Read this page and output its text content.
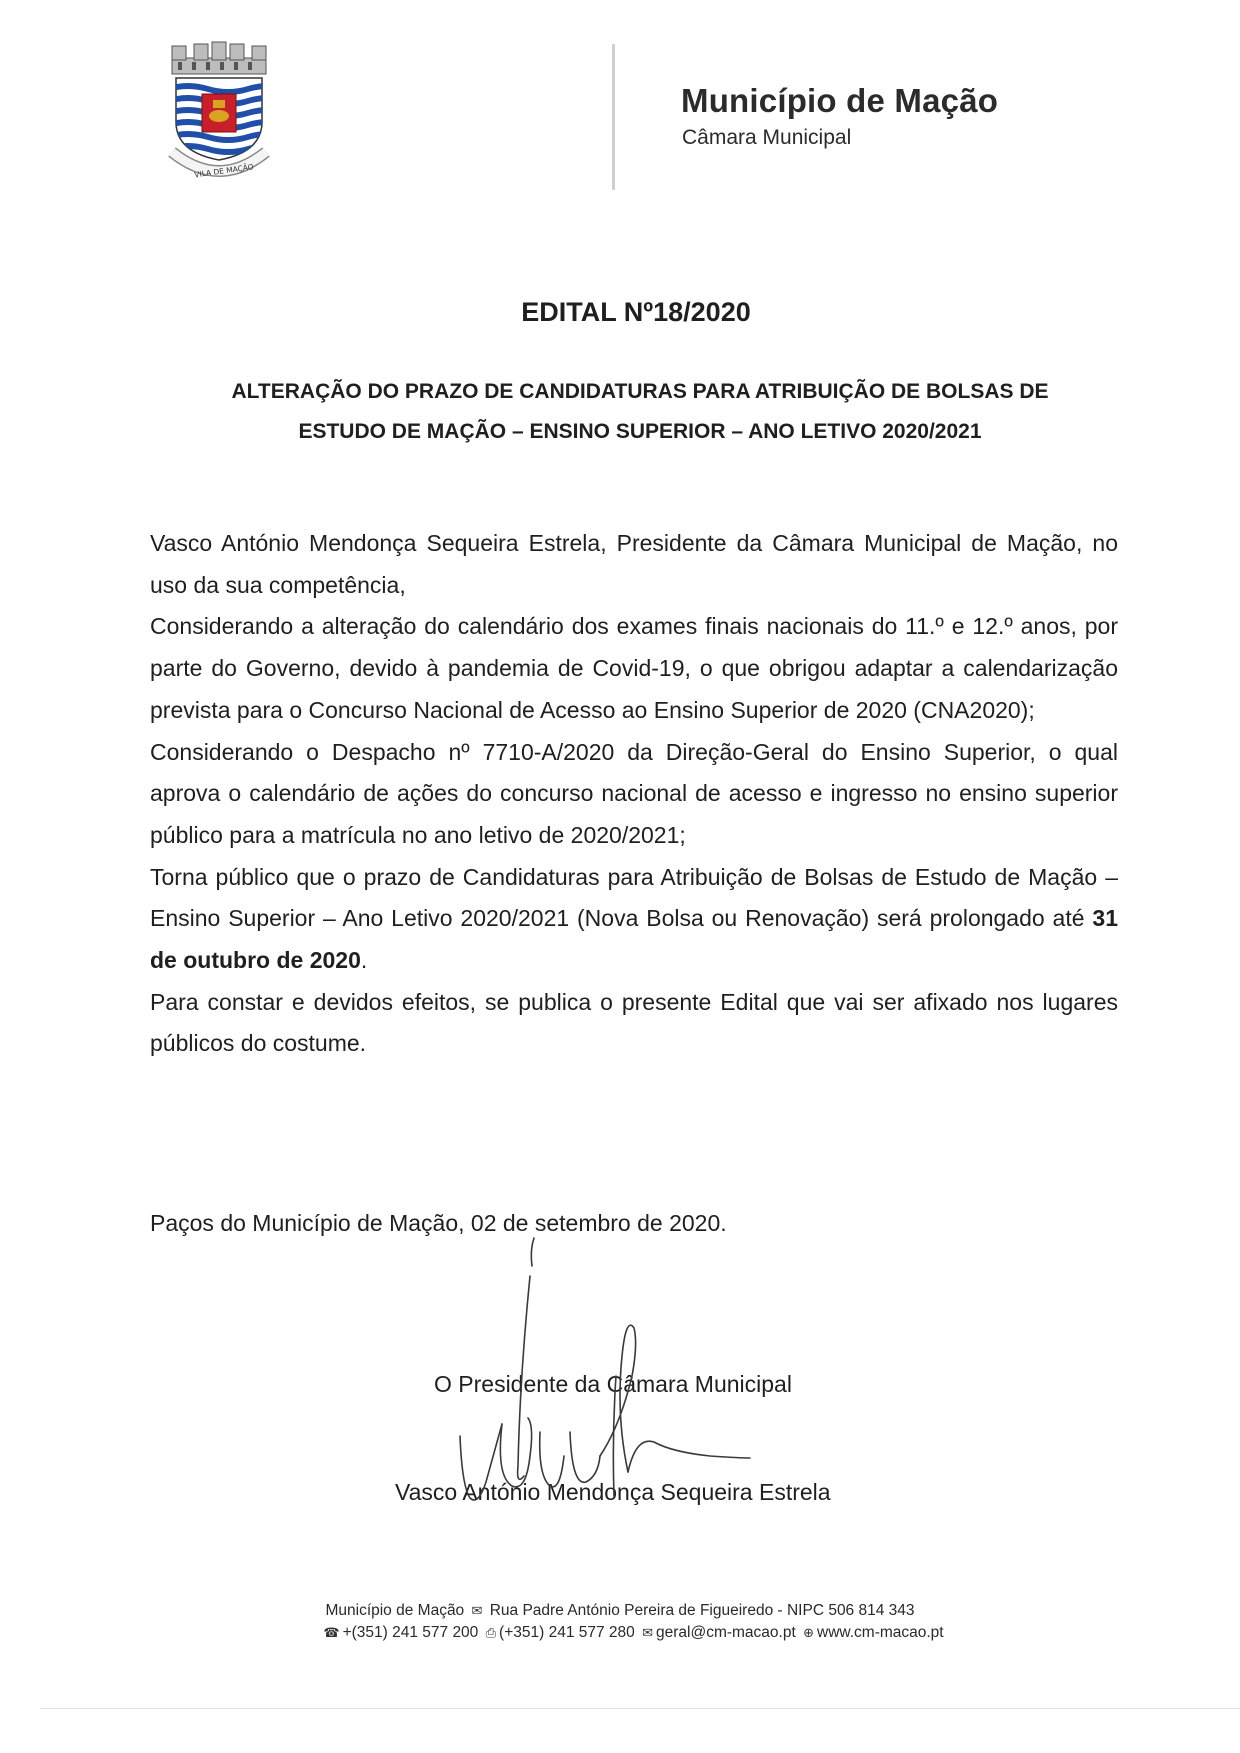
VILA DE MAÇÃO
Município de Mação
Câmara Municipal
EDITAL Nº18/2020
ALTERAÇÃO DO PRAZO DE CANDIDATURAS PARA ATRIBUIÇÃO DE BOLSAS DE
ESTUDO DE MAÇÃO – ENSINO SUPERIOR – ANO LETIVO 2020/2021

Vasco António Mendonça Sequeira Estrela, Presidente da Câmara Municipal de Mação, no uso da sua competência,

Considerando a alteração do calendário dos exames finais nacionais do 11.º e 12.º anos, por parte do Governo, devido à pandemia de Covid-19, o que obrigou adaptar a calendarização prevista para o Concurso Nacional de Acesso ao Ensino Superior de 2020 (CNA2020);

Considerando o Despacho nº 7710-A/2020 da Direção-Geral do Ensino Superior, o qual aprova o calendário de ações do concurso nacional de acesso e ingresso no ensino superior público para a matrícula no ano letivo de 2020/2021;

Torna público que o prazo de Candidaturas para Atribuição de Bolsas de Estudo de Mação – Ensino Superior – Ano Letivo 2020/2021 (Nova Bolsa ou Renovação) será prolongado até 31 de outubro de 2020.

Para constar e devidos efeitos, se publica o presente Edital que vai ser afixado nos lugares públicos do costume.

Paços do Município de Mação, 02 de setembro de 2020.
O Presidente da Câmara Municipal
Vasco António Mendonça Sequeira Estrela
Município de Mação ✉ Rua Padre António Pereira de Figueiredo - NIPC 506 814 343
☎ +(351) 241 577 200 ⎙ (+351) 241 577 280 ✉ geral@cm-macao.pt ⊕ www.cm-macao.pt
